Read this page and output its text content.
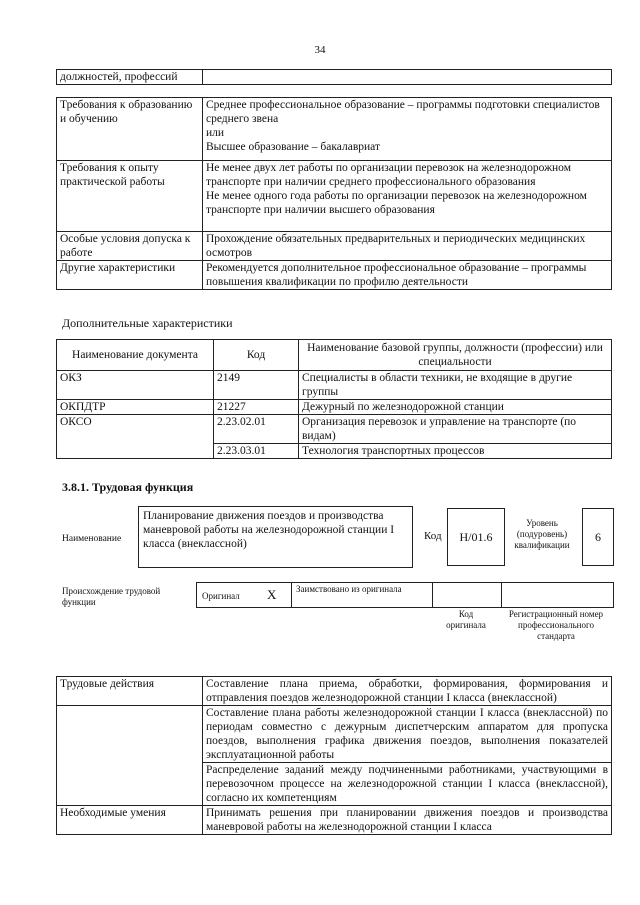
34
должностей, профессий	
Требования к образованию и обучению	Среднее профессиональное образование – программы подготовки специалистов среднего звена
или
Высшее образование – бакалавриат

Требования к опыту практической работы	Не менее двух лет работы по организации перевозок на железнодорожном транспорте при наличии среднего профессионального образования
Не менее одного года работы по организации перевозок на железнодорожном транспорте при наличии высшего образования

Особые условия допуска к работе	Прохождение обязательных предварительных и периодических медицинских осмотров
Другие характеристики	Рекомендуется дополнительное профессиональное образование – программы повышения квалификации по профилю деятельности
Дополнительные характеристики
Наименование документа	Код	Наименование базовой группы, должности (профессии) или специальности
ОКЗ	2149	Специалисты в области техники, не входящие в другие группы
ОКПДТР	21227	Дежурный по железнодорожной станции
ОКСО	2.23.02.01	Организация перевозок и управление на транспорте (по видам)
	2.23.03.01	Технология транспортных процессов
3.8.1. Трудовая функция
Наименование
Планирование движения поездов и производства маневровой работы на железнодорожной станции I класса (внеклассной)
Код	H/01.6
Уровень (подуровень) квалификации
6
Происхождение трудовой функции
Оригинал X Заимствовано из оригинала
Код оригинала
Регистрационный номер профессионального стандарта
Трудовые действия	Составление плана приема, обработки, формирования, формирования и отправления поездов железнодорожной станции I класса (внеклассной)
	Составление плана работы железнодорожной станции I класса (внеклассной) по периодам совместно с дежурным диспетчерским аппаратом для пропуска поездов, выполнения графика движения поездов, выполнения показателей эксплуатационной работы
	Распределение заданий между подчиненными работниками, участвующими в перевозочном процессе на железнодорожной станции I класса (внеклассной), согласно их компетенциям
Необходимые умения	Принимать решения при планировании движения поездов и производства маневровой работы на железнодорожной станции I класса
